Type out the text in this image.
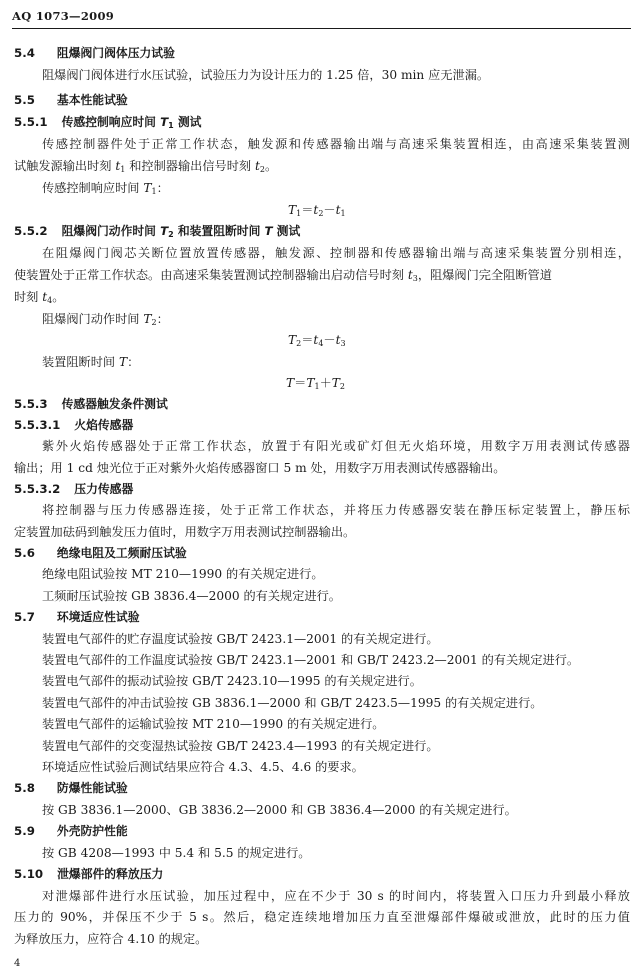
AQ 1073—2009
5.4 阻爆阀门阀体压力试验
阻爆阀门阀体进行水压试验，试验压力为设计压力的 1.25 倍，30 min 应无泄漏。
5.5 基本性能试验
5.5.1 传感控制响应时间 $T_1$ 测试
传感控制器件处于正常工作状态，触发源和传感器输出端与高速采集装置相连，由高速采集装置测
试触发源输出时刻 $t_1$ 和控制器输出信号时刻 $t_2$。
传感控制响应时间 $T_1$：
$T_1=t_2-t_1$
5.5.2 阻爆阀门动作时间 $T_2$ 和装置阻断时间 T 测试
在阻爆阀门阀芯关断位置放置传感器，触发源、控制器和传感器输出端与高速采集装置分别相连，
使装置处于正常工作状态。由高速采集装置测试控制器输出启动信号时刻 $t_3$，阻爆阀门完全阻断管道
时刻 $t_4$。
阻爆阀门动作时间 $T_2$：
$T_2=t_4-t_3$
装置阻断时间 T：
$T=T_1+T_2$
5.5.3 传感器触发条件测试
5.5.3.1 火焰传感器
紫外火焰传感器处于正常工作状态，放置于有阳光或矿灯但无火焰环境，用数字万用表测试传感器
输出；用 1 cd 烛光位于正对紫外火焰传感器窗口 5 m 处，用数字万用表测试传感器输出。
5.5.3.2 压力传感器
将控制器与压力传感器连接，处于正常工作状态，并将压力传感器安装在静压标定装置上，静压标
定装置加砝码到触发压力值时，用数字万用表测试控制器输出。
5.6 绝缘电阻及工频耐压试验
绝缘电阻试验按 MT 210—1990 的有关规定进行。
工频耐压试验按 GB 3836.4—2000 的有关规定进行。
5.7 环境适应性试验
装置电气部件的贮存温度试验按 GB/T 2423.1—2001 的有关规定进行。
装置电气部件的工作温度试验按 GB/T 2423.1—2001 和 GB/T 2423.2—2001 的有关规定进行。
装置电气部件的振动试验按 GB/T 2423.10—1995 的有关规定进行。
装置电气部件的冲击试验按 GB 3836.1—2000 和 GB/T 2423.5—1995 的有关规定进行。
装置电气部件的运输试验按 MT 210—1990 的有关规定进行。
装置电气部件的交变湿热试验按 GB/T 2423.4—1993 的有关规定进行。
环境适应性试验后测试结果应符合 4.3、4.5、4.6 的要求。
5.8 防爆性能试验
按 GB 3836.1—2000、GB 3836.2—2000 和 GB 3836.4—2000 的有关规定进行。
5.9 外壳防护性能
按 GB 4208—1993 中 5.4 和 5.5 的规定进行。
5.10 泄爆部件的释放压力
对泄爆部件进行水压试验，加压过程中，应在不少于 30 s 的时间内，将装置入口压力升到最小释放
压力的 90%，并保压不少于 5 s。然后，稳定连续地增加压力直至泄爆部件爆破或泄放，此时的压力值
为释放压力，应符合 4.10 的规定。
4
